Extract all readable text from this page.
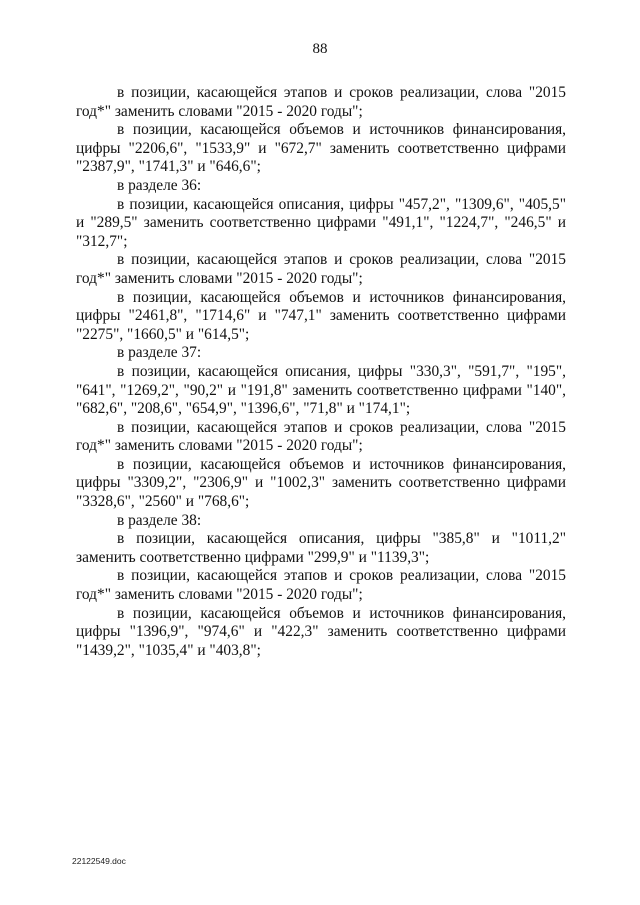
88

в позиции, касающейся этапов и сроков реализации, слова "2015 год*" заменить словами "2015 - 2020 годы";

в позиции, касающейся объемов и источников финансирования, цифры "2206,6", "1533,9" и "672,7" заменить соответственно цифрами "2387,9", "1741,3" и "646,6";

в разделе 36:

в позиции, касающейся описания, цифры "457,2", "1309,6", "405,5" и "289,5" заменить соответственно цифрами "491,1", "1224,7", "246,5" и "312,7";

в позиции, касающейся этапов и сроков реализации, слова "2015 год*" заменить словами "2015 - 2020 годы";

в позиции, касающейся объемов и источников финансирования, цифры "2461,8", "1714,6" и "747,1" заменить соответственно цифрами "2275", "1660,5" и "614,5";

в разделе 37:

в позиции, касающейся описания, цифры "330,3", "591,7", "195", "641", "1269,2", "90,2" и "191,8" заменить соответственно цифрами "140", "682,6", "208,6", "654,9", "1396,6", "71,8" и "174,1";

в позиции, касающейся этапов и сроков реализации, слова "2015 год*" заменить словами "2015 - 2020 годы";

в позиции, касающейся объемов и источников финансирования, цифры "3309,2", "2306,9" и "1002,3" заменить соответственно цифрами "3328,6", "2560" и "768,6";

в разделе 38:

в позиции, касающейся описания, цифры "385,8" и "1011,2" заменить соответственно цифрами "299,9" и "1139,3";

в позиции, касающейся этапов и сроков реализации, слова "2015 год*" заменить словами "2015 - 2020 годы";

в позиции, касающейся объемов и источников финансирования, цифры "1396,9", "974,6" и "422,3" заменить соответственно цифрами "1439,2", "1035,4" и "403,8";

22122549.doc
